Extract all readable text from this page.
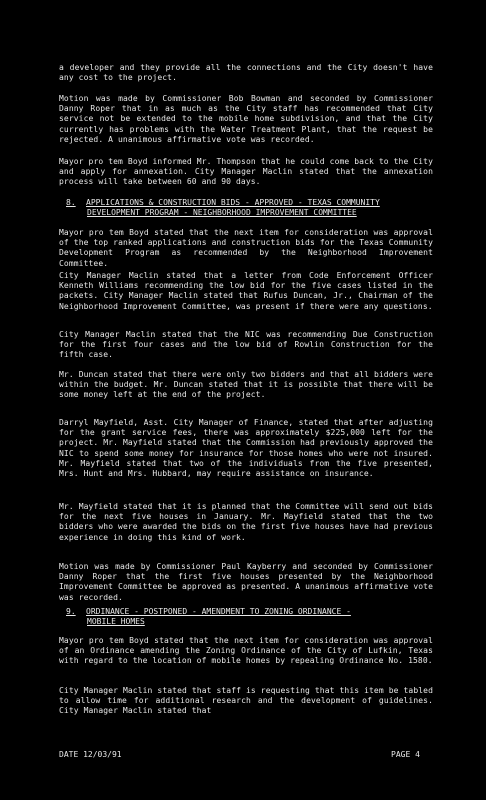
a developer and they provide all the connections and the City doesn't have any cost to the project.

Motion was made by Commissioner Bob Bowman and seconded by Commissioner Danny Roper that in as much as the City staff has recommended that City service not be extended to the mobile home subdivision, and that the City currently has problems with the Water Treatment Plant, that the request be rejected. A unanimous affirmative vote was recorded.

Mayor pro tem Boyd informed Mr. Thompson that he could come back to the City and apply for annexation. City Manager Maclin stated that the annexation process will take between 60 and 90 days.

8. APPLICATIONS & CONSTRUCTION BIDS - APPROVED - TEXAS COMMUNITY
DEVELOPMENT PROGRAM - NEIGHBORHOOD IMPROVEMENT COMMITTEE

Mayor pro tem Boyd stated that the next item for consideration was approval of the top ranked applications and construction bids for the Texas Community Development Program as recommended by the Neighborhood Improvement Committee.

City Manager Maclin stated that a letter from Code Enforcement Officer Kenneth Williams recommending the low bid for the five cases listed in the packets. City Manager Maclin stated that Rufus Duncan, Jr., Chairman of the Neighborhood Improvement Committee, was present if there were any questions.

City Manager Maclin stated that the NIC was recommending Due Construction for the first four cases and the low bid of Rowlin Construction for the fifth case.

Mr. Duncan stated that there were only two bidders and that all bidders were within the budget. Mr. Duncan stated that it is possible that there will be some money left at the end of the project.

Darryl Mayfield, Asst. City Manager of Finance, stated that after adjusting for the grant service fees, there was approximately $225,000 left for the project. Mr. Mayfield stated that the Commission had previously approved the NIC to spend some money for insurance for those homes who were not insured. Mr. Mayfield stated that two of the individuals from the five presented, Mrs. Hunt and Mrs. Hubbard, may require assistance on insurance.

Mr. Mayfield stated that it is planned that the Committee will send out bids for the next five houses in January. Mr. Mayfield stated that the two bidders who were awarded the bids on the first five houses have had previous experience in doing this kind of work.

Motion was made by Commissioner Paul Kayberry and seconded by Commissioner Danny Roper that the first five houses presented by the Neighborhood Improvement Committee be approved as presented. A unanimous affirmative vote was recorded.

9. ORDINANCE - POSTPONED - AMENDMENT TO ZONING ORDINANCE -
MOBILE HOMES

Mayor pro tem Boyd stated that the next item for consideration was approval of an Ordinance amending the Zoning Ordinance of the City of Lufkin, Texas with regard to the location of mobile homes by repealing Ordinance No. 1580.

City Manager Maclin stated that staff is requesting that this item be tabled to allow time for additional research and the development of guidelines. City Manager Maclin stated that

DATE 12/03/91	PAGE 4
